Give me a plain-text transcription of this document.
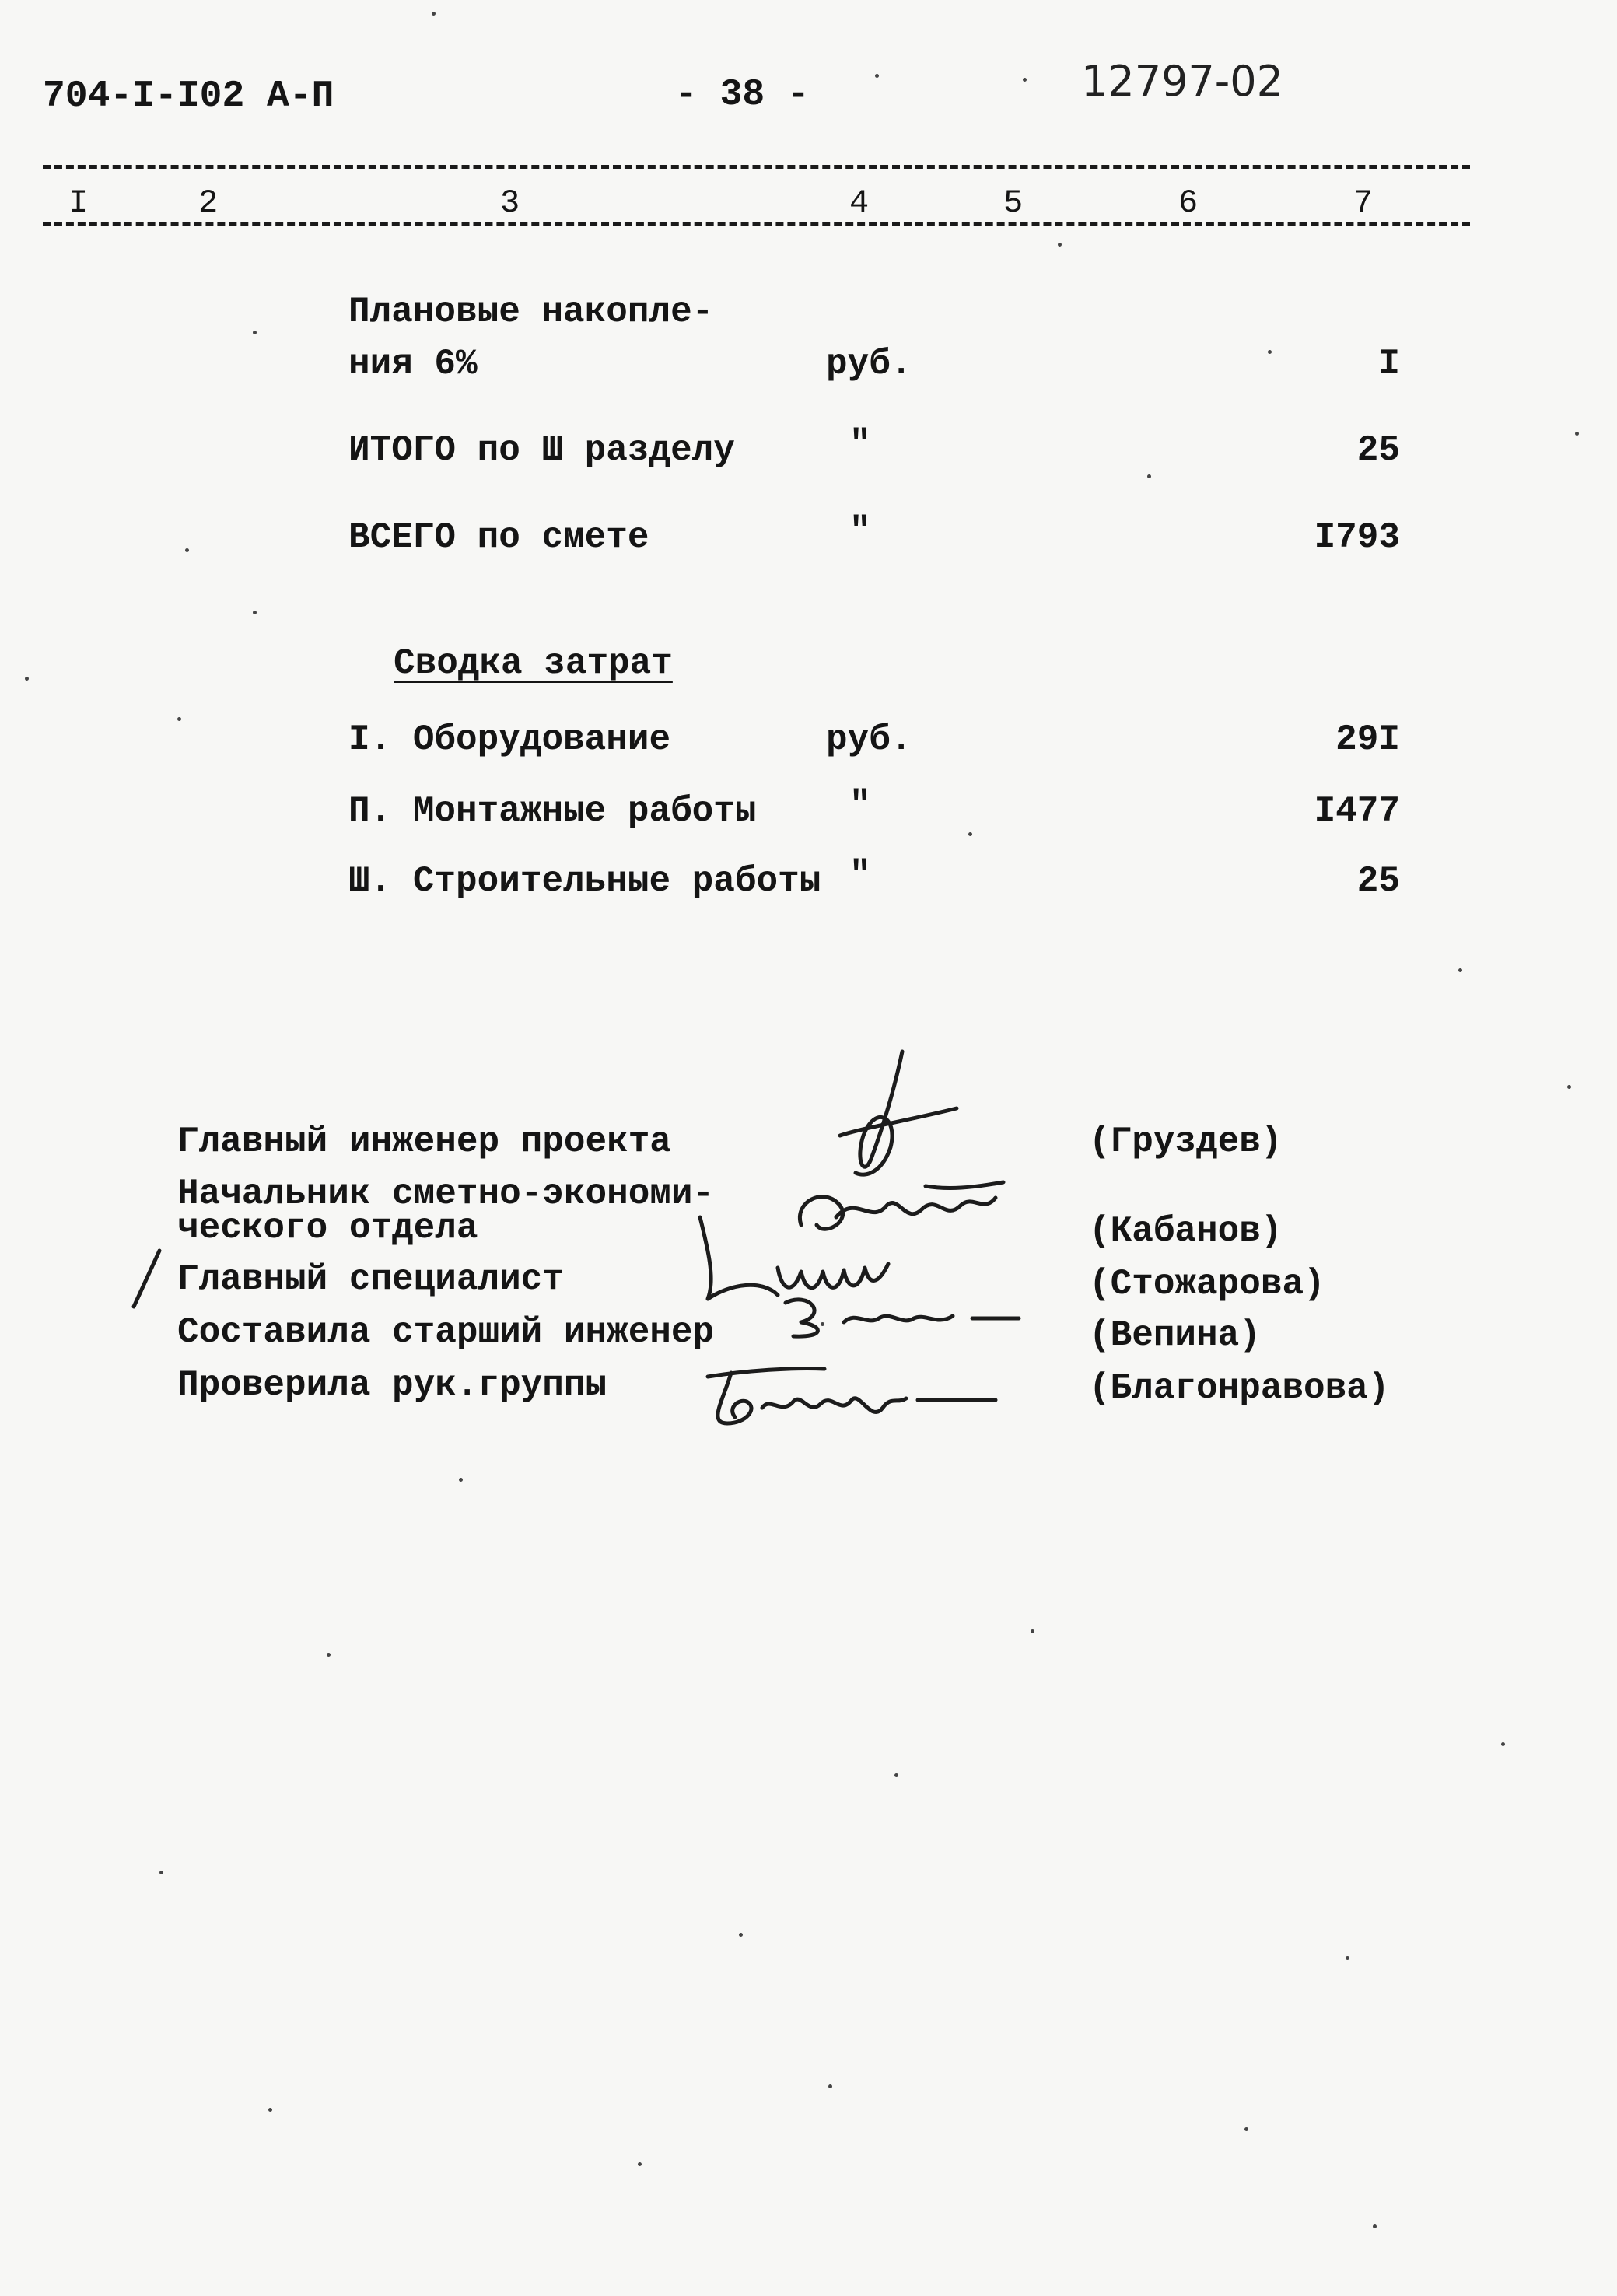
704-I-I02 А-П	- 38 -	12797-02
I	2	3	4	5	6	7
Плановые накопле-
ния 6%	руб.	I
ИТОГО по Ш разделу	"	25
ВСЕГО по смете	"	I793
Сводка затрат
I. Оборудование	руб.	29I
П. Монтажные работы	"	I477
Ш. Строительные работы "	25
Главный инженер проекта	(Груздев)
Начальник сметно-экономи-
ческого отдела	(Кабанов)
Главный специалист	(Стожарова)
Составила старший инженер	(Вепина)
Проверила рук.группы	(Благонравова)
